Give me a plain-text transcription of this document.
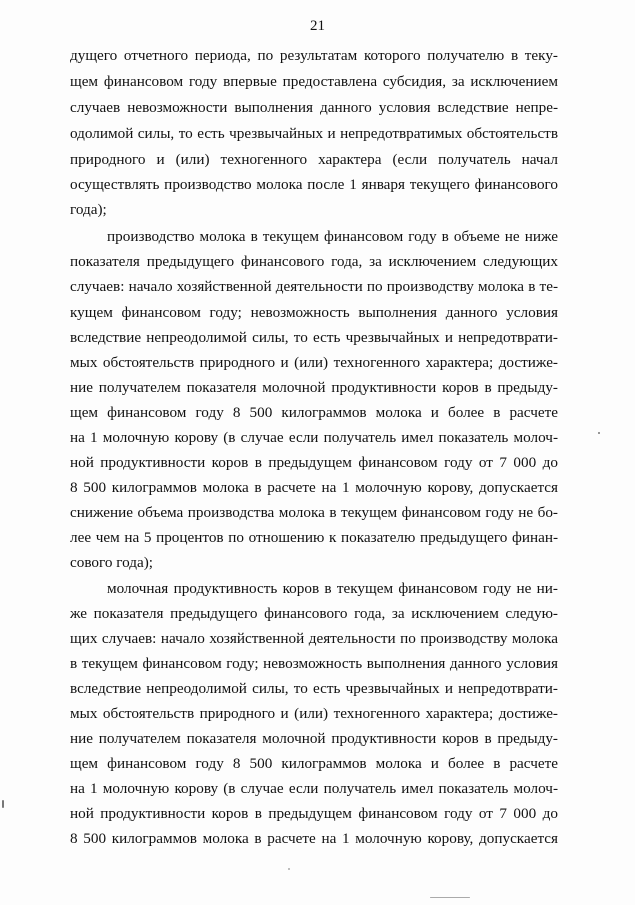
21
дущего отчетного периода, по результатам которого получателю в теку-
щем финансовом году впервые предоставлена субсидия, за исключением
случаев невозможности выполнения данного условия вследствие непре-
одолимой силы, то есть чрезвычайных и непредотвратимых обстоятельств
природного и (или) техногенного характера (если получатель начал
осуществлять производство молока после 1 января текущего финансового
года);
производство молока в текущем финансовом году в объеме не ниже
показателя предыдущего финансового года, за исключением следующих
случаев: начало хозяйственной деятельности по производству молока в те-
кущем финансовом году; невозможность выполнения данного условия
вследствие непреодолимой силы, то есть чрезвычайных и непредотврати-
мых обстоятельств природного и (или) техногенного характера; достиже-
ние получателем показателя молочной продуктивности коров в предыду-
щем финансовом году 8 500 килограммов молока и более в расчете
на 1 молочную корову (в случае если получатель имел показатель молоч-
ной продуктивности коров в предыдущем финансовом году от 7 000 до
8 500 килограммов молока в расчете на 1 молочную корову, допускается
снижение объема производства молока в текущем финансовом году не бо-
лее чем на 5 процентов по отношению к показателю предыдущего финан-
сового года);
молочная продуктивность коров в текущем финансовом году не ни-
же показателя предыдущего финансового года, за исключением следую-
щих случаев: начало хозяйственной деятельности по производству молока
в текущем финансовом году; невозможность выполнения данного условия
вследствие непреодолимой силы, то есть чрезвычайных и непредотврати-
мых обстоятельств природного и (или) техногенного характера; достиже-
ние получателем показателя молочной продуктивности коров в предыду-
щем финансовом году 8 500 килограммов молока и более в расчете
на 1 молочную корову (в случае если получатель имел показатель молоч-
ной продуктивности коров в предыдущем финансовом году от 7 000 до
8 500 килограммов молока в расчете на 1 молочную корову, допускается
